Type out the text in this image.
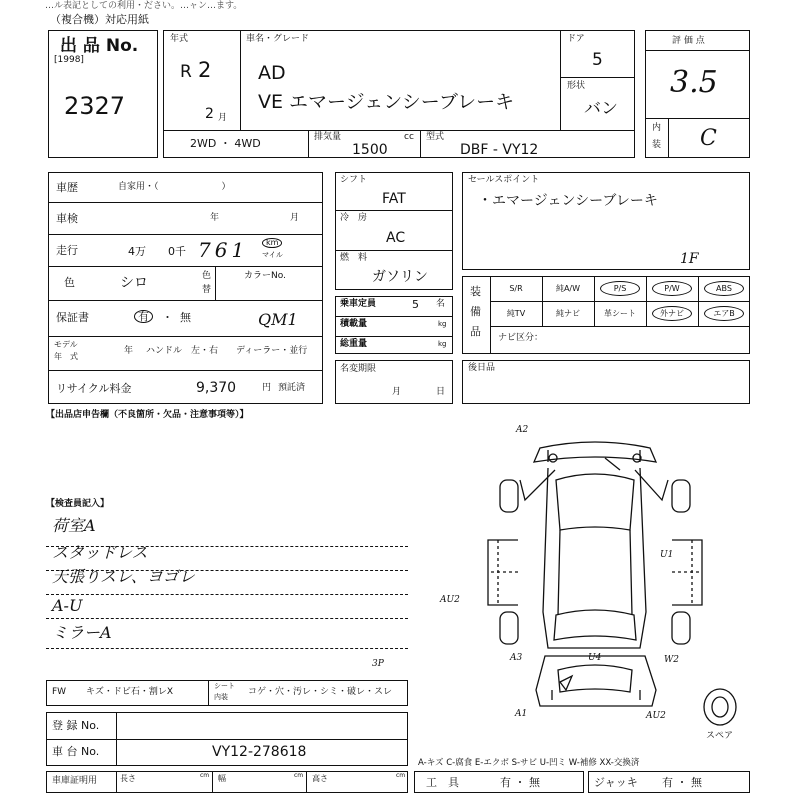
…ル表記としての利用・ださい。…ャン…ます。
（複合機）対応用紙
出 品 No.
[1998]
2327
年式
R 2
2 月
車名・グレード
AD
VE エマージェンシーブレーキ
ドア
5
形状
バン
2WD ・ 4WD	排気量	cc
1500
型式
DBF - VY12
評 価 点
3.5
内
装 C
車歴	自家用・（　　　　　　　）
車検	年	月
走行	4万 0千 761	km
マイル
色	シロ	色
替
カラーNo.
QM1
保証書	有	・ 無
モデル
年　式
年 ハンドル　左・右 ディーラー・並行
リサイクル料金	9,370	円 預託済
シフト
FAT
冷　房
AC
燃　料
ガソリン
乗車定員	5 名
積載量	kg
総重量	kg
名変期限
月	日
セールスポイント
・エマージェンシーブレーキ
1F
装
備
品
S/R	純A/W	P/S	P/W	ABS
純TV	純ナビ	革シート	外ナビ	エアB
ナビ区分：
後日品
【出品店申告欄（不良箇所・欠品・注意事項等）】
【検査員記入】
荷室A
スタッドレス
天張りスレ、ヨゴレ
A-U
ミラーA
A2
U1
AU2
A3	U4	W2
A1	AU2
スペア
FW キズ・ドビ石・割レX
シート
内装 コゲ・穴・汚レ・シミ・破レ・スレ
3P
登 録 No.
車 台 No.	VY12-278618
車庫証明用	長さ	cm 幅	cm 高さ	cm
A-キズ C-腐食 E-エクボ S-サビ U-凹ミ W-補修 XX-交換済
工　具	有 ・ 無	ジャッキ 有 ・ 無
